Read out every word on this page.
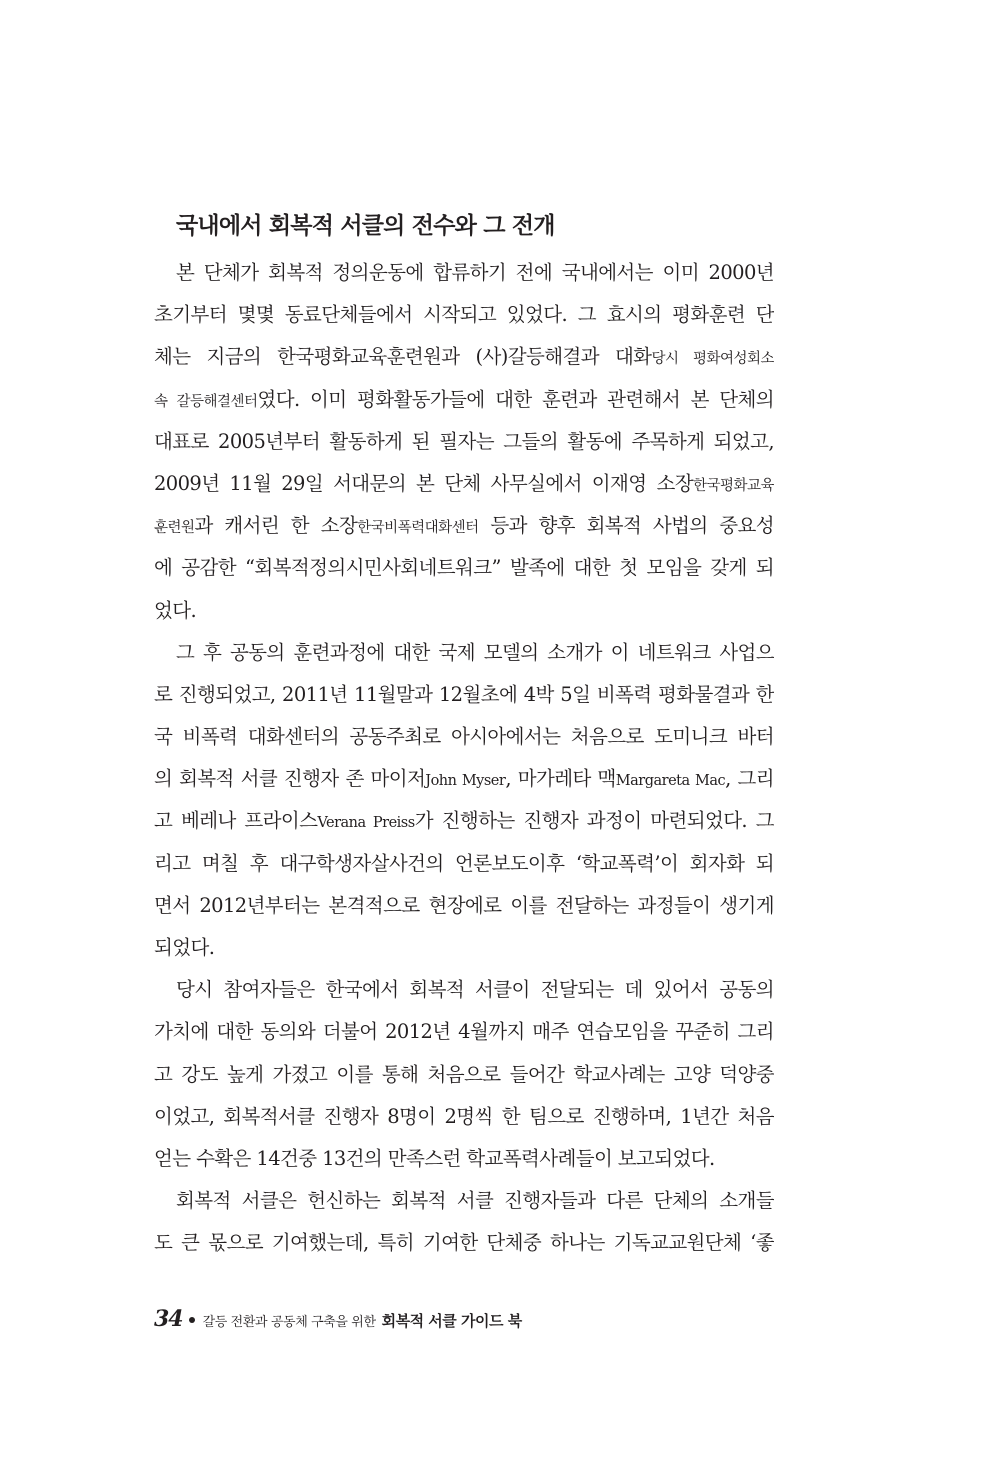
국내에서 회복적 서클의 전수와 그 전개
본 단체가 회복적 정의운동에 합류하기 전에 국내에서는 이미 2000년
초기부터 몇몇 동료단체들에서 시작되고 있었다. 그 효시의 평화훈련 단
체는 지금의 한국평화교육훈련원과 (사)갈등해결과 대화당시 평화여성회소
속 갈등해결센터였다. 이미 평화활동가들에 대한 훈련과 관련해서 본 단체의
대표로 2005년부터 활동하게 된 필자는 그들의 활동에 주목하게 되었고,
2009년 11월 29일 서대문의 본 단체 사무실에서 이재영 소장한국평화교육
훈련원과 캐서린 한 소장한국비폭력대화센터 등과 향후 회복적 사법의 중요성
에 공감한 “회복적정의시민사회네트워크” 발족에 대한 첫 모임을 갖게 되
었다.
그 후 공동의 훈련과정에 대한 국제 모델의 소개가 이 네트워크 사업으
로 진행되었고, 2011년 11월말과 12월초에 4박 5일 비폭력 평화물결과 한
국 비폭력 대화센터의 공동주최로 아시아에서는 처음으로 도미니크 바터
의 회복적 서클 진행자 존 마이저John Myser, 마가레타 맥Margareta Mac, 그리
고 베레나 프라이스Verana Preiss가 진행하는 진행자 과정이 마련되었다. 그
리고 며칠 후 대구학생자살사건의 언론보도이후 ‘학교폭력’이 회자화 되
면서 2012년부터는 본격적으로 현장에로 이를 전달하는 과정들이 생기게
되었다.
당시 참여자들은 한국에서 회복적 서클이 전달되는 데 있어서 공동의
가치에 대한 동의와 더불어 2012년 4월까지 매주 연습모임을 꾸준히 그리
고 강도 높게 가졌고 이를 통해 처음으로 들어간 학교사례는 고양 덕양중
이었고, 회복적서클 진행자 8명이 2명씩 한 팀으로 진행하며, 1년간 처음
얻는 수확은 14건중 13건의 만족스런 학교폭력사례들이 보고되었다.
회복적 서클은 헌신하는 회복적 서클 진행자들과 다른 단체의 소개들
도 큰 몫으로 기여했는데, 특히 기여한 단체중 하나는 기독교교원단체 ‘좋
34 갈등 전환과 공동체 구축을 위한 회복적 서클 가이드 북
